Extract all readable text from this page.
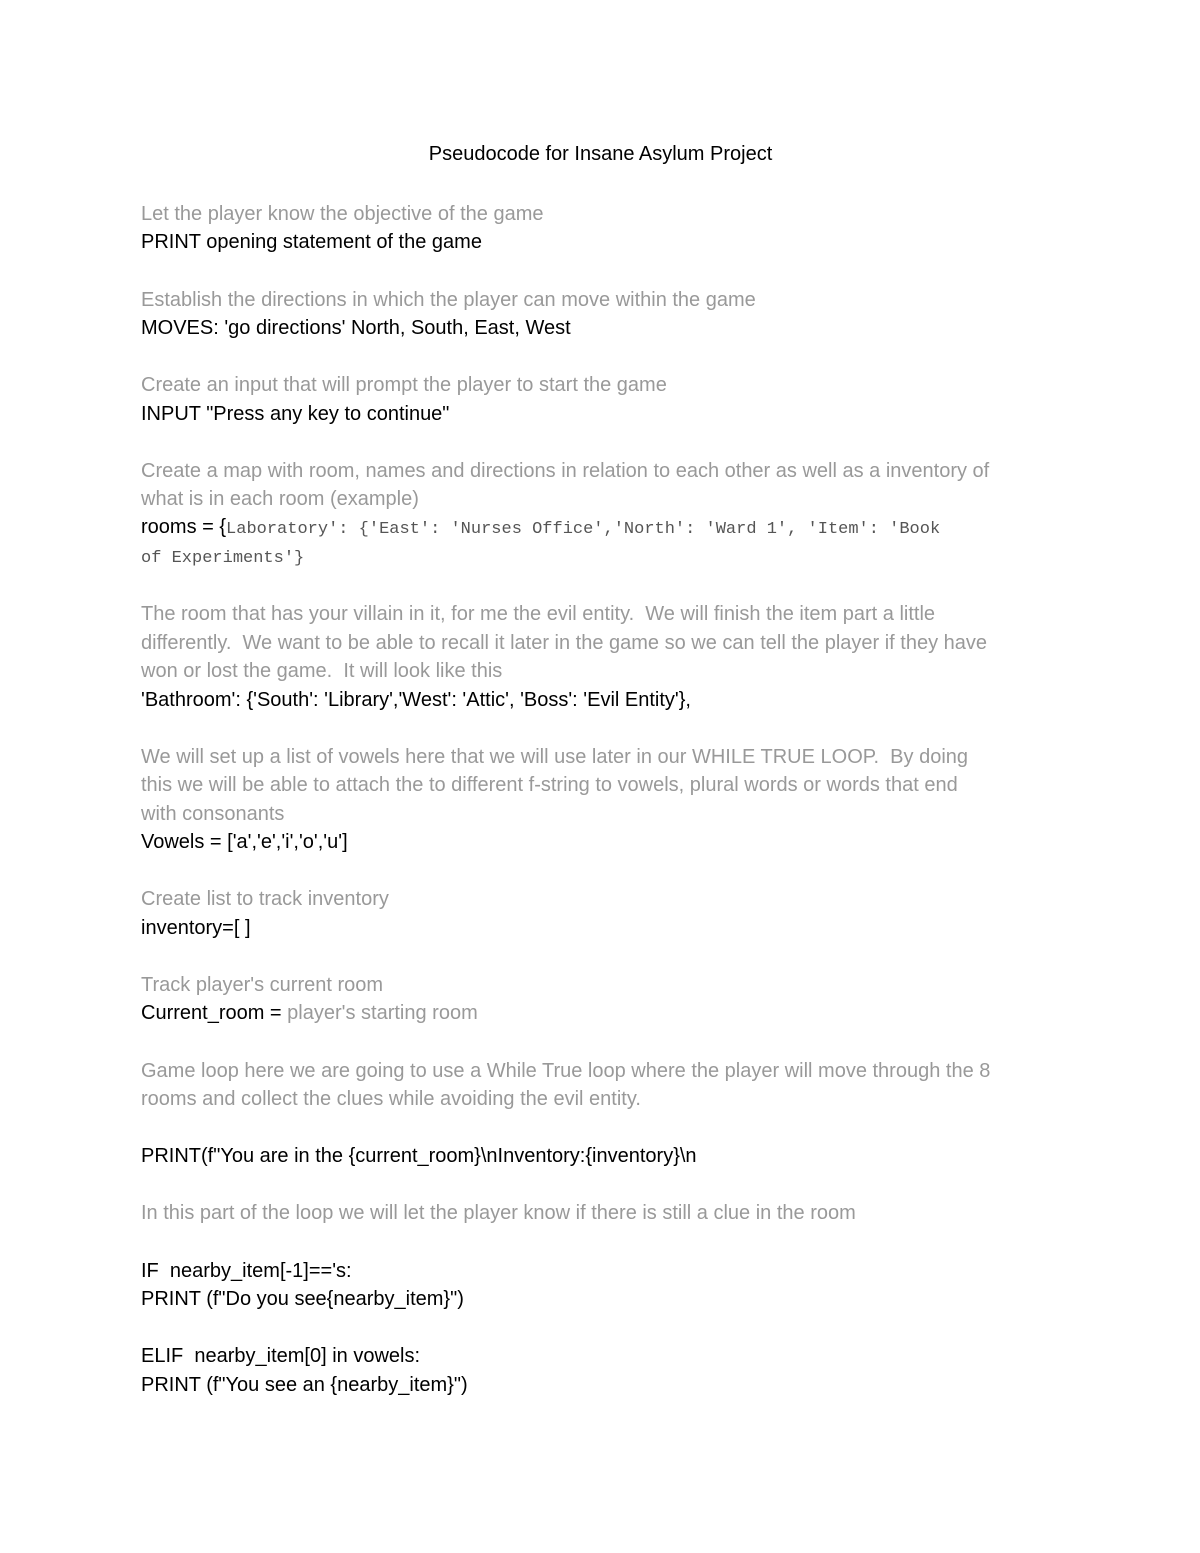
Pseudocode for Insane Asylum Project

Let the player know the objective of the game

PRINT opening statement of the game

Establish the directions in which the player can move within the game

MOVES: 'go directions' North, South, East, West

Create an input that will prompt the player to start the game

INPUT "Press any key to continue"

Create a map with room, names and directions in relation to each other as well as a inventory of

what is in each room (example)

rooms = {Laboratory': {'East': 'Nurses Office','North': 'Ward 1', 'Item': 'Book

of Experiments'}

The room that has your villain in it, for me the evil entity.  We will finish the item part a little

differently.  We want to be able to recall it later in the game so we can tell the player if they have

won or lost the game.  It will look like this

'Bathroom': {'South': 'Library','West': 'Attic', 'Boss': 'Evil Entity'},

We will set up a list of vowels here that we will use later in our WHILE TRUE LOOP.  By doing

this we will be able to attach the to different f-string to vowels, plural words or words that end

with consonants

Vowels = ['a','e','i','o','u']

Create list to track inventory

inventory=[ ]

Track player's current room

Current_room = player's starting room

Game loop here we are going to use a While True loop where the player will move through the 8

rooms and collect the clues while avoiding the evil entity.

PRINT(f"You are in the {current_room}\nInventory:{inventory}\n

In this part of the loop we will let the player know if there is still a clue in the room

IF  nearby_item[-1]=='s:

PRINT (f"Do you see{nearby_item}")

ELIF  nearby_item[0] in vowels:

PRINT (f"You see an {nearby_item}")
